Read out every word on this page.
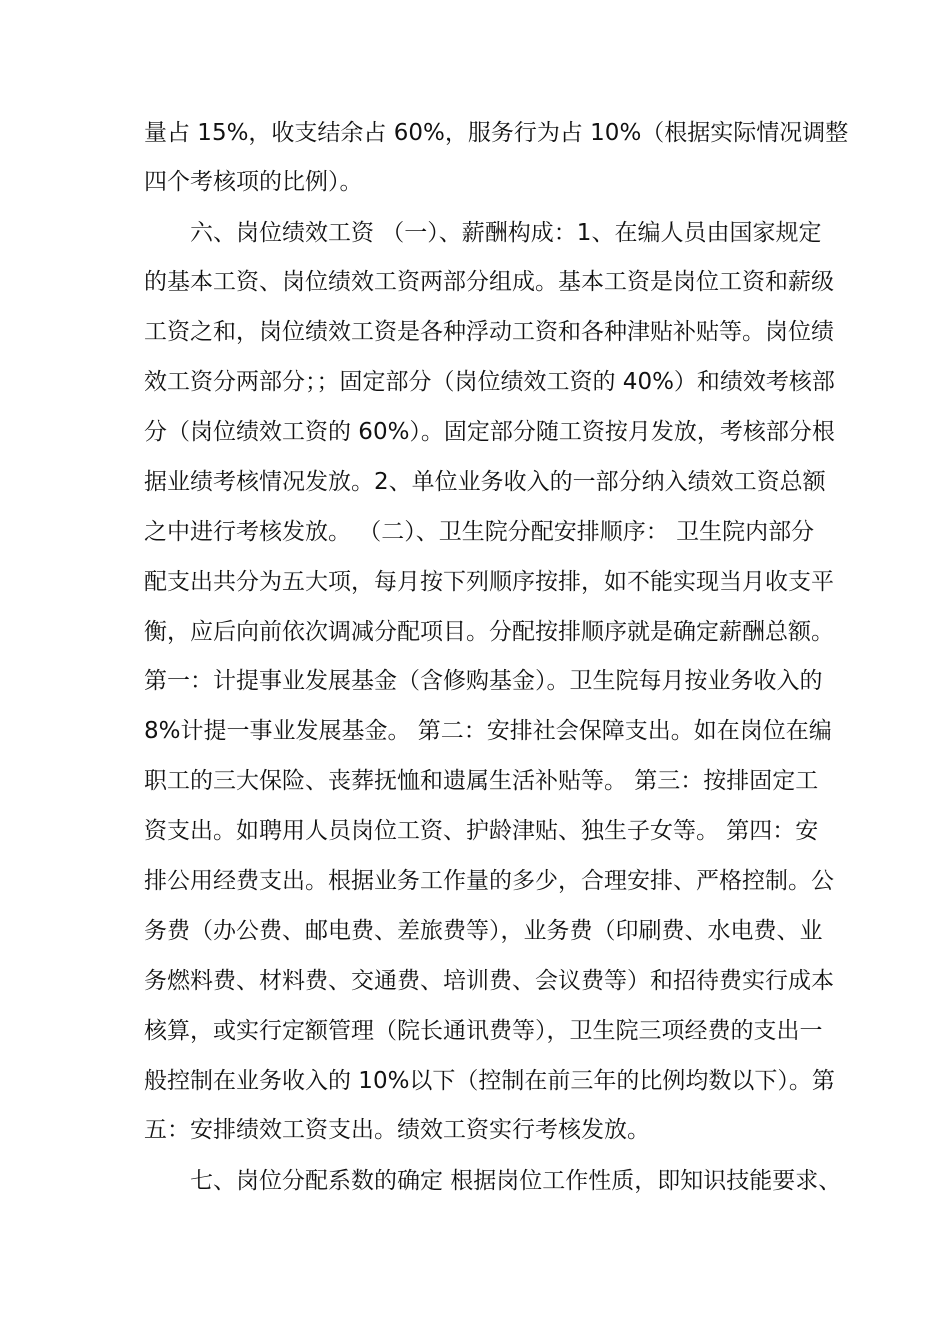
量占 15%，收支结余占 60%，服务行为占 10%（根据实际情况调整
四个考核项的比例）。
六、岗位绩效工资 （一）、薪酬构成：1、在编人员由国家规定
的基本工资、岗位绩效工资两部分组成。基本工资是岗位工资和薪级
工资之和，岗位绩效工资是各种浮动工资和各种津贴补贴等。岗位绩
效工资分两部分；；固定部分（岗位绩效工资的 40%）和绩效考核部
分（岗位绩效工资的 60%）。固定部分随工资按月发放，考核部分根
据业绩考核情况发放。2、单位业务收入的一部分纳入绩效工资总额
之中进行考核发放。 （二）、卫生院分配安排顺序： 卫生院内部分
配支出共分为五大项，每月按下列顺序按排，如不能实现当月收支平
衡，应后向前依次调减分配项目。分配按排顺序就是确定薪酬总额。
第一：计提事业发展基金（含修购基金）。卫生院每月按业务收入的
8%计提一事业发展基金。 第二：安排社会保障支出。如在岗位在编
职工的三大保险、丧葬抚恤和遗属生活补贴等。 第三：按排固定工
资支出。如聘用人员岗位工资、护龄津贴、独生子女等。 第四：安
排公用经费支出。根据业务工作量的多少，合理安排、严格控制。公
务费（办公费、邮电费、差旅费等），业务费（印刷费、水电费、业
务燃料费、材料费、交通费、培训费、会议费等）和招待费实行成本
核算，或实行定额管理（院长通讯费等），卫生院三项经费的支出一
般控制在业务收入的 10%以下（控制在前三年的比例均数以下）。第
五：安排绩效工资支出。绩效工资实行考核发放。
七、岗位分配系数的确定 根据岗位工作性质，即知识技能要求、
